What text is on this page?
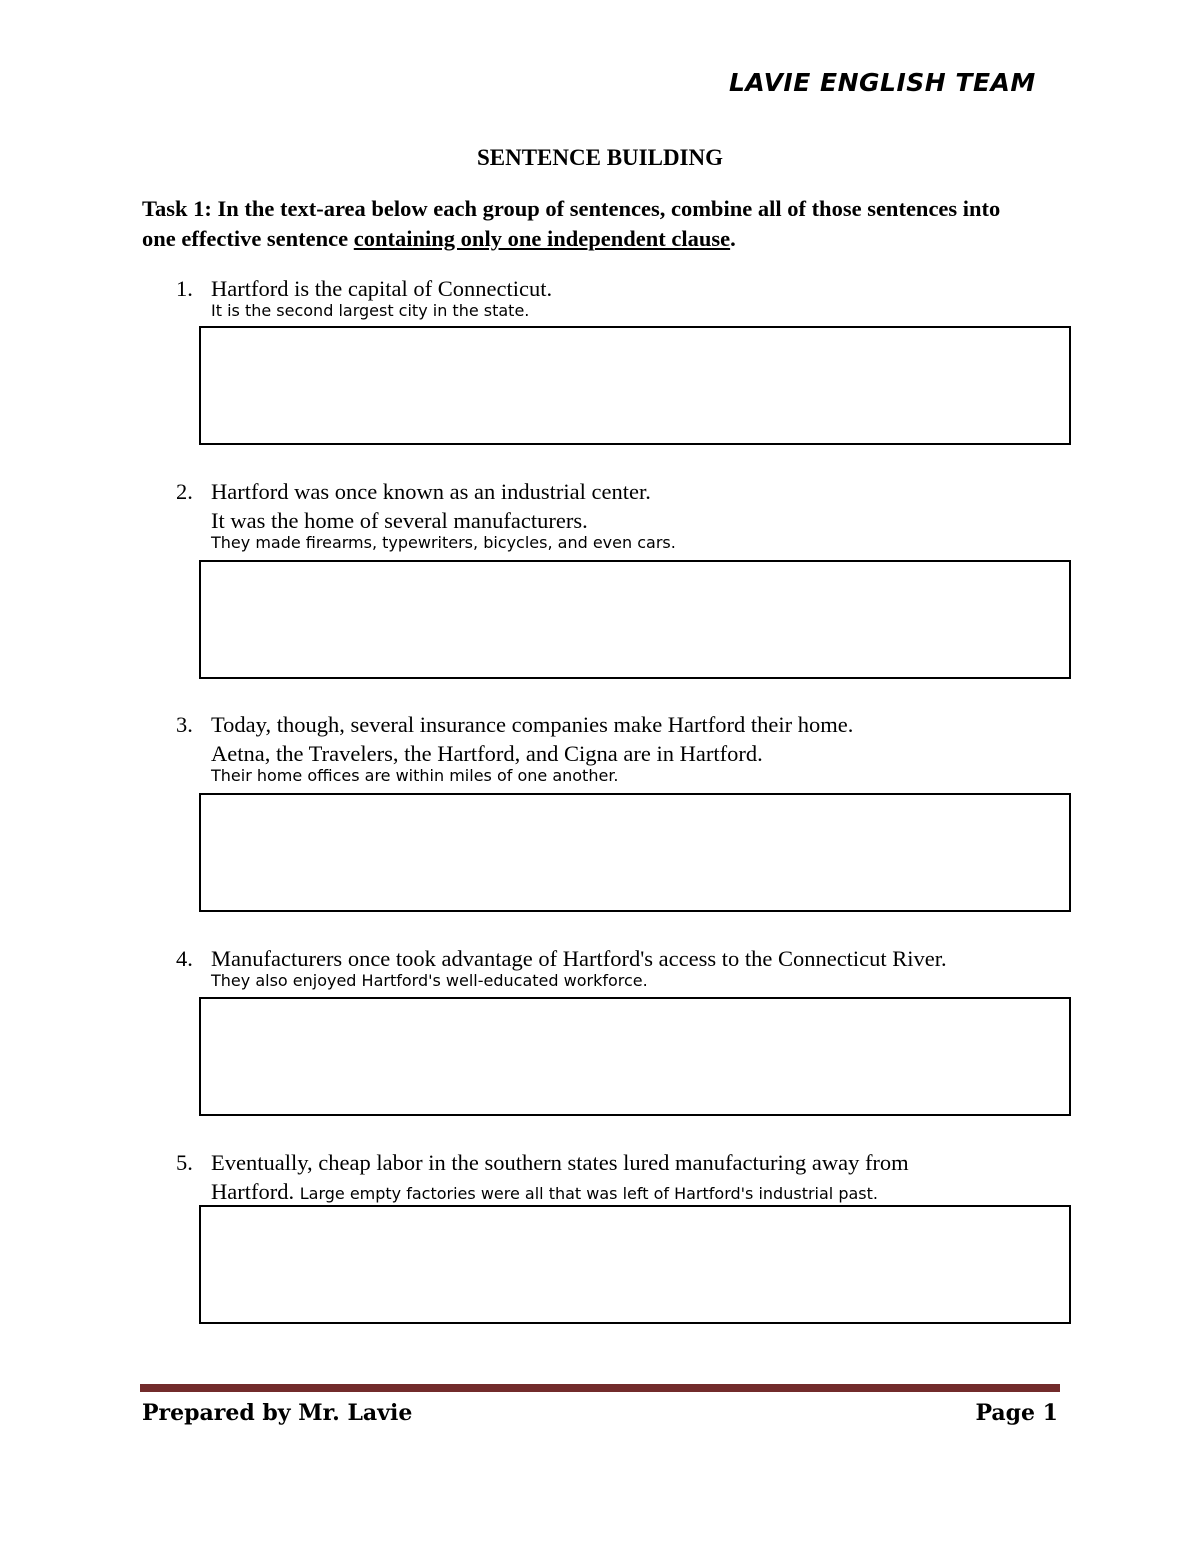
LAVIE ENGLISH TEAM
SENTENCE BUILDING
Task 1: In the text-area below each group of sentences, combine all of those sentences into one effective sentence containing only one independent clause.
1. Hartford is the capital of Connecticut.
It is the second largest city in the state.
2. Hartford was once known as an industrial center.
It was the home of several manufacturers.
They made firearms, typewriters, bicycles, and even cars.
3. Today, though, several insurance companies make Hartford their home.
Aetna, the Travelers, the Hartford, and Cigna are in Hartford.
Their home offices are within miles of one another.
4. Manufacturers once took advantage of Hartford's access to the Connecticut River.
They also enjoyed Hartford's well-educated workforce.
5. Eventually, cheap labor in the southern states lured manufacturing away from
Hartford. Large empty factories were all that was left of Hartford's industrial past.
Prepared by Mr. Lavie	Page 1
